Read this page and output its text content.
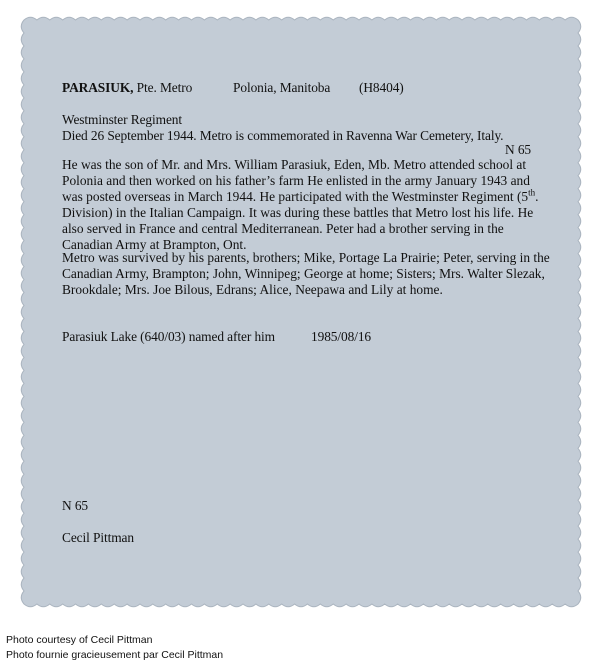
PARASIUK, Pte. Metro	Polonia, Manitoba (H8404)
Westminster Regiment
Died 26 September 1944. Metro is commemorated in Ravenna War Cemetery, Italy.
N 65
He was the son of Mr. and Mrs. William Parasiuk, Eden, Mb. Metro attended school at Polonia and then worked on his father’s farm He enlisted in the army January 1943 and was posted overseas in March 1944. He participated with the Westminster Regiment (5th. Division) in the Italian Campaign. It was during these battles that Metro lost his life. He also served in France and central Mediterranean. Peter had a brother serving in the Canadian Army at Brampton, Ont.
Metro was survived by his parents, brothers; Mike, Portage La Prairie; Peter, serving in the Canadian Army, Brampton; John, Winnipeg; George at home; Sisters; Mrs. Walter Slezak, Brookdale; Mrs. Joe Bilous, Edrans; Alice, Neepawa and Lily at home.
Parasiuk Lake (640/03) named after him	1985/08/16
N 65
Cecil Pittman
Photo courtesy of Cecil Pittman
Photo fournie gracieusement par Cecil Pittman
